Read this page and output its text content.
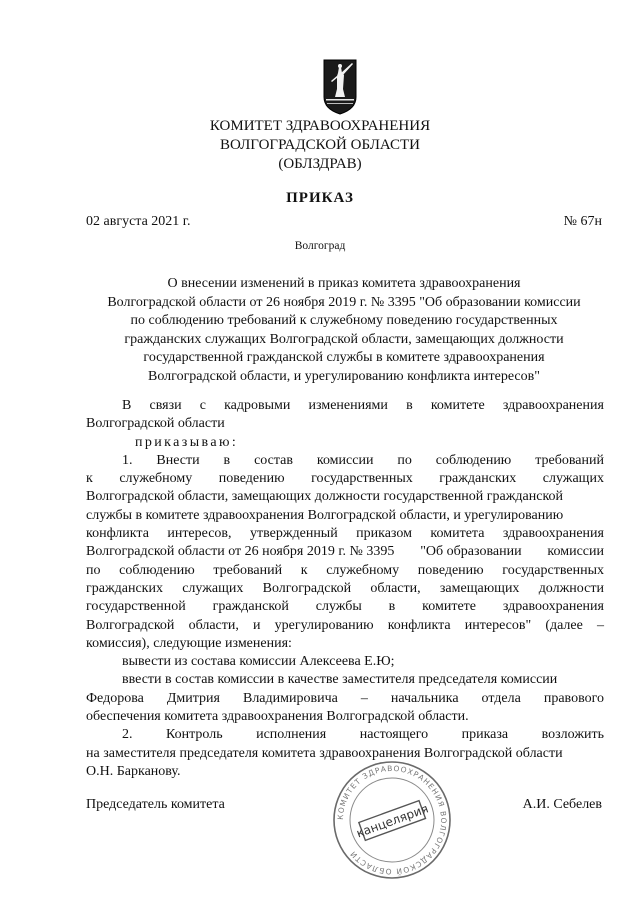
КОМИТЕТ ЗДРАВООХРАНЕНИЯ
ВОЛГОГРАДСКОЙ ОБЛАСТИ
(ОБЛЗДРАВ)
ПРИКАЗ
02 августа 2021 г.	№ 67н
Волгоград
О внесении изменений в приказ комитета здравоохранения
Волгоградской области от 26 ноября 2019 г. № 3395 "Об образовании комиссии
по соблюдению требований к служебному поведению государственных
гражданских служащих Волгоградской области, замещающих должности
государственной гражданской службы в комитете здравоохранения
Волгоградской области, и урегулированию конфликта интересов"
В связи с кадровыми изменениями в комитете здравоохранения
Волгоградской области
приказываю:
1. Внести в состав комиссии по соблюдению требований
к служебному поведению государственных гражданских служащих
Волгоградской области, замещающих должности государственной гражданской
службы в комитете здравоохранения Волгоградской области, и урегулированию
конфликта интересов, утвержденный приказом комитета здравоохранения
Волгоградской области от 26 ноября 2019 г. № 3395 "Об образовании комиссии
по соблюдению требований к служебному поведению государственных
гражданских служащих Волгоградской области, замещающих должности
государственной гражданской службы в комитете здравоохранения
Волгоградской области, и урегулированию конфликта интересов" (далее –
комиссия), следующие изменения:
вывести из состава комиссии Алексеева Е.Ю;
ввести в состав комиссии в качестве заместителя председателя комиссии
Федорова Дмитрия Владимировича – начальника отдела правового
обеспечения комитета здравоохранения Волгоградской области.
2. Контроль исполнения настоящего приказа возложить
на заместителя председателя комитета здравоохранения Волгоградской области
О.Н. Барканову.
Председатель комитета	А.И. Себелев
КОМИТЕТ ЗДРАВООХРАНЕНИЯ ВОЛГОГРАДСКОЙ ОБЛАСТИ
канцелярия
